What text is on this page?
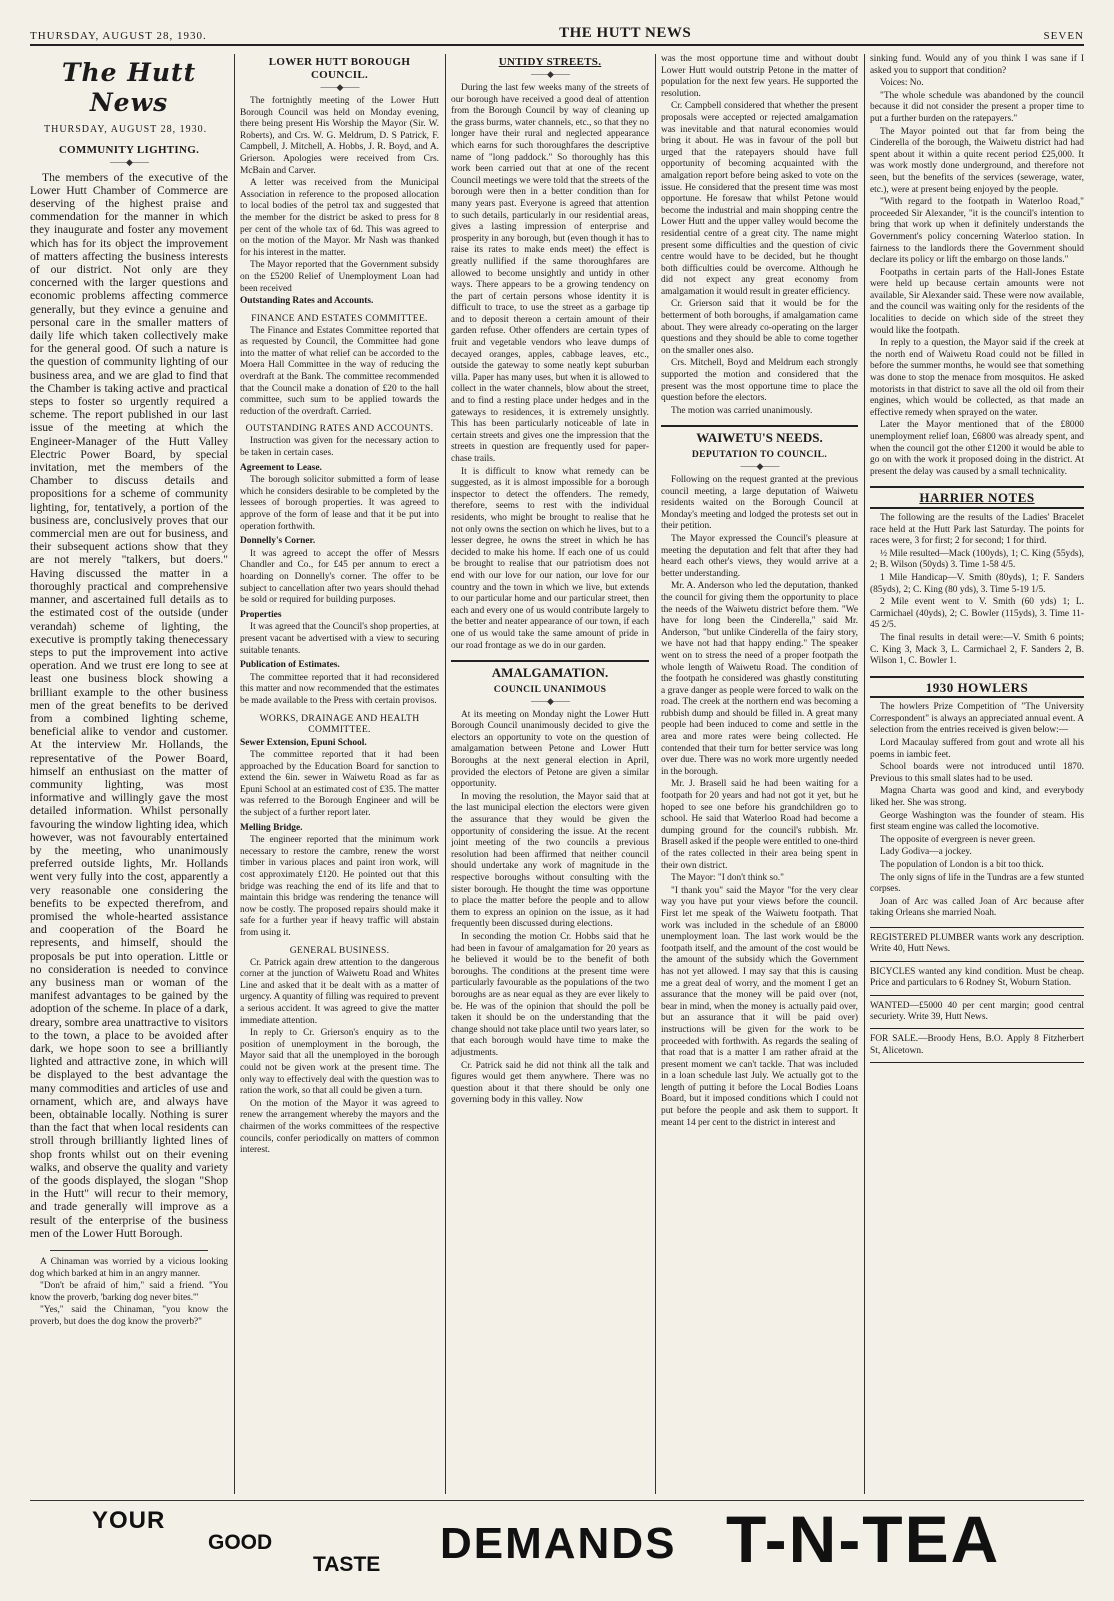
THURSDAY, AUGUST 28, 1930.	THE HUTT NEWS	SEVEN
The Hutt News
THURSDAY, AUGUST 28, 1930.
COMMUNITY LIGHTING.
——◆——

The members of the executive of the Lower Hutt Chamber of Commerce are deserving of the highest praise and commendation for the manner in which they inaugurate and foster any movement which has for its object the improvement of matters affecting the business interests of our district. Not only are they concerned with the larger questions and economic problems affecting commerce generally, but they evince a genuine and personal care in the smaller matters of daily life which taken collectively make for the general good. Of such a nature is the question of community lighting of our business area, and we are glad to find that the Chamber is taking active and practical steps to foster so urgently required a scheme. The report published in our last issue of the meeting at which the Engineer-Manager of the Hutt Valley Electric Power Board, by special invitation, met the members of the Chamber to discuss details and propositions for a scheme of community lighting, for, tentatively, a portion of the business are, conclusively proves that our commercial men are out for business, and their subsequent actions show that they are not merely "talkers, but doers." Having discussed the matter in a thoroughly practical and comprehensive manner, and ascertained full details as to the estimated cost of the outside (under verandah) scheme of lighting, the executive is promptly taking thenecessary steps to put the improvement into active operation. And we trust ere long to see at least one business block showing a brilliant example to the other business men of the great benefits to be derived from a combined lighting scheme, beneficial alike to vendor and customer. At the interview Mr. Hollands, the representative of the Power Board, himself an enthusiast on the matter of community lighting, was most informative and willingly gave the most detailed information. Whilst personally favouring the window lighting idea, which however, was not favourably entertained by the meeting, who unanimously preferred outside lights, Mr. Hollands went very fully into the cost, apparently a very reasonable one considering the benefits to be expected therefrom, and promised the whole-hearted assistance and cooperation of the Board he represents, and himself, should the proposals be put into operation. Little or no consideration is needed to convince any business man or woman of the manifest advantages to be gained by the adoption of the scheme. In place of a dark, dreary, sombre area unattractive to visitors to the town, a place to be avoided after dark, we hope soon to see a brilliantly lighted and attractive zone, in which will be displayed to the best advantage the many commodities and articles of use and ornament, which are, and always have been, obtainable locally. Nothing is surer than the fact that when local residents can stroll through brilliantly lighted lines of shop fronts whilst out on their evening walks, and observe the quality and variety of the goods displayed, the slogan "Shop in the Hutt" will recur to their memory, and trade generally will improve as a result of the enterprise of the business men of the Lower Hutt Borough.

A Chinaman was worried by a vicious looking dog which barked at him in an angry manner.

"Don't be afraid of him," said a friend. "You know the proverb, 'barking dog never bites.'"

"Yes," said the Chinaman, "you know the proverb, but does the dog know the proverb?"

LOWER HUTT BOROUGH COUNCIL.
——◆——

The fortnightly meeting of the Lower Hutt Borough Council was held on Monday evening, there being present His Worship the Mayor (Sir. W. Roberts), and Crs. W. G. Meldrum, D. S Patrick, F. Campbell, J. Mitchell, A. Hobbs, J. R. Boyd, and A. Grierson. Apologies were received from Crs. McBain and Carver.

A letter was received from the Municipal Association in reference to the proposed allocation to local bodies of the petrol tax and suggested that the member for the district be asked to press for 8 per cent of the whole tax of 6d. This was agreed to on the motion of the Mayor. Mr Nash was thanked for his interest in the matter.

The Mayor reported that the Government subsidy on the £5200 Relief of Unemployment Loan had been received

Outstanding Rates and Accounts.
FINANCE AND ESTATES COMMITTEE.

The Finance and Estates Committee reported that as requested by Council, the Committee had gone into the matter of what relief can be accorded to the Moera Hall Committee in the way of reducing the overdraft at the Bank. The committee recommended that the Council make a donation of £20 to the hall committee, such sum to be applied towards the reduction of the overdraft. Carried.

OUTSTANDING RATES AND ACCOUNTS.

Instruction was given for the necessary action to be taken in certain cases.

Agreement to Lease.

The borough solicitor submitted a form of lease which he considers desirable to be completed by the lessees of borough properties. It was agreed to approve of the form of lease and that it be put into operation forthwith.

Donnelly's Corner.

It was agreed to accept the offer of Messrs Chandler and Co., for £45 per annum to erect a hoarding on Donnelly's corner. The offer to be subject to cancellation after two years should thehad be sold or required for building purposes.

Properties

It was agreed that the Council's shop properties, at present vacant be advertised with a view to securing suitable tenants.

Publication of Estimates.

The committee reported that it had reconsidered this matter and now recommended that the estimates be made available to the Press with certain provisos.

WORKS, DRAINAGE AND HEALTH COMMITTEE.
Sewer Extension, Epuni School.

The committee reported that it had been approached by the Education Board for sanction to extend the 6in. sewer in Waiwetu Road as far as Epuni School at an estimated cost of £35. The matter was referred to the Borough Engineer and will be the subject of a further report later.

Melling Bridge.

The engineer reported that the minimum work necessary to restore the cambre, renew the worst timber in various places and paint iron work, will cost approximately £120. He pointed out that this bridge was reaching the end of its life and that to maintain this bridge was rendering the tenance will now be costly. The proposed repairs should make it safe for a further year if heavy traffic will abstain from using it.

GENERAL BUSINESS.

Cr. Patrick again drew attention to the dangerous corner at the junction of Waiwetu Road and Whites Line and asked that it be dealt with as a matter of urgency. A quantity of filling was required to prevent a serious accident. It was agreed to give the matter immediate attention.

In reply to Cr. Grierson's enquiry as to the position of unemployment in the borough, the Mayor said that all the unemployed in the borough could not be given work at the present time. The only way to effectively deal with the question was to ration the work, so that all could be given a turn.

On the motion of the Mayor it was agreed to renew the arrangement whereby the mayors and the chairmen of the works committees of the respective councils, confer periodically on matters of common interest.

UNTIDY STREETS.
——◆——

During the last few weeks many of the streets of our borough have received a good deal of attention from the Borough Council by way of cleaning up the grass burms, water channels, etc., so that they no longer have their rural and neglected appearance which earns for such thoroughfares the descriptive name of "long paddock." So thoroughly has this work been carried out that at one of the recent Council meetings we were told that the streets of the borough were then in a better condition than for many years past. Everyone is agreed that attention to such details, particularly in our residential areas, gives a lasting impression of enterprise and prosperity in any borough, but (even though it has to raise its rates to make ends meet) the effect is greatly nullified if the same thoroughfares are allowed to become unsightly and untidy in other ways. There appears to be a growing tendency on the part of certain persons whose identity it is difficult to trace, to use the street as a garbage tip and to deposit thereon a certain amount of their garden refuse. Other offenders are certain types of fruit and vegetable vendors who leave dumps of decayed oranges, apples, cabbage leaves, etc., outside the gateway to some neatly kept suburban villa. Paper has many uses, but when it is allowed to collect in the water channels, blow about the street, and to find a resting place under hedges and in the gateways to residences, it is extremely unsightly. This has been particularly noticeable of late in certain streets and gives one the impression that the streets in question are frequently used for paper-chase trails.

It is difficult to know what remedy can be suggested, as it is almost impossible for a borough inspector to detect the offenders. The remedy, therefore, seems to rest with the individual residents, who might be brought to realise that he not only owns the section on which he lives, but to a lesser degree, he owns the street in which he has decided to make his home. If each one of us could be brought to realise that our patriotism does not end with our love for our nation, our love for our country and the town in which we live, but extends to our particular home and our particular street, then each and every one of us would contribute largely to the better and neater appearance of our town, if each one of us would take the same amount of pride in our road frontage as we do in our garden.

AMALGAMATION.
COUNCIL UNANIMOUS
——◆——

At its meeting on Monday night the Lower Hutt Borough Council unanimously decided to give the electors an opportunity to vote on the question of amalgamation between Petone and Lower Hutt Boroughs at the next general election in April, provided the electors of Petone are given a similar opportunity.

In moving the resolution, the Mayor said that at the last municipal election the electors were given the assurance that they would be given the opportunity of considering the issue. At the recent joint meeting of the two councils a previous resolution had been affirmed that neither council should undertake any work of magnitude in the respective boroughs without consulting with the sister borough. He thought the time was opportune to place the matter before the people and to allow them to express an opinion on the issue, as it had frequently been discussed during elections.

In seconding the motion Cr. Hobbs said that he had been in favour of amalgamation for 20 years as he believed it would be to the benefit of both boroughs. The conditions at the present time were particularly favourable as the populations of the two boroughs are as near equal as they are ever likely to be. He was of the opinion that should the poll be taken it should be on the understanding that the change should not take place until two years later, so that each borough would have time to make the adjustments.

Cr. Patrick said he did not think all the talk and figures would get them anywhere. There was no question about it that there should be only one governing body in this valley. Now

was the most opportune time and without doubt Lower Hutt would outstrip Petone in the matter of population for the next few years. He supported the resolution.

Cr. Campbell considered that whether the present proposals were accepted or rejected amalgamation was inevitable and that natural economies would bring it about. He was in favour of the poll but urged that the ratepayers should have full opportunity of becoming acquainted with the amalgation report before being asked to vote on the issue. He considered that the present time was most opportune. He foresaw that whilst Petone would become the industrial and main shopping centre the Lower Hutt and the upper valley would become the residential centre of a great city. The name might present some difficulties and the question of civic centre would have to be decided, but he thought both difficulties could be overcome. Although he did not expect any great economy from amalgamation it would result in greater efficiency.

Cr. Grierson said that it would be for the betterment of both boroughs, if amalgamation came about. They were already co-operating on the larger questions and they should be able to come together on the smaller ones also.

Crs. Mitchell, Boyd and Meldrum each strongly supported the motion and considered that the present was the most opportune time to place the question before the electors.

The motion was carried unanimously.

WAIWETU'S NEEDS.
DEPUTATION TO COUNCIL.
——◆——

Following on the request granted at the previous council meeting, a large deputation of Waiwetu residents waited on the Borough Council at Monday's meeting and lodged the protests set out in their petition.

The Mayor expressed the Council's pleasure at meeting the deputation and felt that after they had heard each other's views, they would arrive at a better understanding.

Mr. A. Anderson who led the deputation, thanked the council for giving them the opportunity to place the needs of the Waiwetu district before them. "We have for long been the Cinderella," said Mr. Anderson, "but unlike Cinderella of the fairy story, we have not had that happy ending." The speaker went on to stress the need of a proper footpath the whole length of Waiwetu Road. The condition of the footpath he considered was ghastly constituting a grave danger as people were forced to walk on the road. The creek at the northern end was becoming a rubbish dump and should be filled in. A great many people had been induced to come and settle in the area and more rates were being collected. He contended that their turn for better service was long over due. There was no work more urgently needed in the borough.

Mr. J. Brasell said he had been waiting for a footpath for 20 years and had not got it yet, but he hoped to see one before his grandchildren go to school. He said that Waterloo Road had become a dumping ground for the council's rubbish. Mr. Brasell asked if the people were entitled to one-third of the rates collected in their area being spent in their own district.

The Mayor: "I don't think so."

"I thank you" said the Mayor "for the very clear way you have put your views before the council. First let me speak of the Waiwetu footpath. That work was included in the schedule of an £8000 unemployment loan. The last work would be the footpath itself, and the amount of the cost would be the amount of the subsidy which the Government has not yet allowed. I may say that this is causing me a great deal of worry, and the moment I get an assurance that the money will be paid over (not, bear in mind, when the money is actually paid over, but an assurance that it will be paid over) instructions will be given for the work to be proceeded with forthwith. As regards the sealing of that road that is a matter I am rather afraid at the present moment we can't tackle. That was included in a loan schedule last July. We actually got to the length of putting it before the Local Bodies Loans Board, but it imposed conditions which I could not put before the people and ask them to support. It meant 14 per cent to the district in interest and

sinking fund. Would any of you think I was sane if I asked you to support that condition?

Voices: No.

"The whole schedule was abandoned by the council because it did not consider the present a proper time to put a further burden on the ratepayers."

The Mayor pointed out that far from being the Cinderella of the borough, the Waiwetu district had had spent about it within a quite recent period £25,000. It was work mostly done underground, and therefore not seen, but the benefits of the services (sewerage, water, etc.), were at present being enjoyed by the people.

"With regard to the footpath in Waterloo Road," proceeded Sir Alexander, "it is the council's intention to bring that work up when it definitely understands the Government's policy concerning Waterloo station. In fairness to the landlords there the Government should declare its policy or lift the embargo on those lands."

Footpaths in certain parts of the Hall-Jones Estate were held up because certain amounts were not available, Sir Alexander said. These were now available, and the council was waiting only for the residents of the localities to decide on which side of the street they would like the footpath.

In reply to a question, the Mayor said if the creek at the north end of Waiwetu Road could not be filled in before the summer months, he would see that something was done to stop the menace from mosquitos. He asked motorists in that district to save all the old oil from their engines, which would be collected, as that made an effective remedy when sprayed on the water.

Later the Mayor mentioned that of the £8000 unemployment relief loan, £6800 was already spent, and when the council got the other £1200 it would be able to go on with the work it proposed doing in the district. At present the delay was caused by a small technicality.

HARRIER NOTES

The following are the results of the Ladies' Bracelet race held at the Hutt Park last Saturday. The points for races were, 3 for first; 2 for second; 1 for third.

½ Mile resulted—Mack (100yds), 1; C. King (55yds), 2; B. Wilson (50yds) 3. Time 1-58 4/5.

1 Mile Handicap—V. Smith (80yds), 1; F. Sanders (85yds), 2; C. King (80 yds), 3. Time 5-19 1/5.

2 Mile event went to V. Smith (60 yds) 1; L. Carmichael (40yds), 2; C. Bowler (115yds), 3. Time 11-45 2/5.

The final results in detail were:—V. Smith 6 points; C. King 3, Mack 3, L. Carmichael 2, F. Sanders 2, B. Wilson 1, C. Bowler 1.

1930 HOWLERS

The howlers Prize Competition of "The University Correspondent" is always an appreciated annual event. A selection from the entries received is given below:—

Lord Macaulay suffered from gout and wrote all his poems in iambic feet.

School boards were not introduced until 1870. Previous to this small slates had to be used.

Magna Charta was good and kind, and everybody liked her. She was strong.

George Washington was the founder of steam. His first steam engine was called the locomotive.

The opposite of evergreen is never green.

Lady Godiva—a jockey.

The population of London is a bit too thick.

The only signs of life in the Tundras are a few stunted corpses.

Joan of Arc was called Joan of Arc because after taking Orleans she married Noah.

REGISTERED PLUMBER wants work any description. Write 40, Hutt News.
BICYCLES wanted any kind condition. Must be cheap. Price and particulars to 6 Rodney St, Woburn Station.
WANTED—£5000 40 per cent margin; good central securiety. Write 39, Hutt News.
FOR SALE.—Broody Hens, B.O. Apply 8 Fitzherbert St, Alicetown.
YOUR
GOOD
TASTE DEMANDS T-N-TEA
